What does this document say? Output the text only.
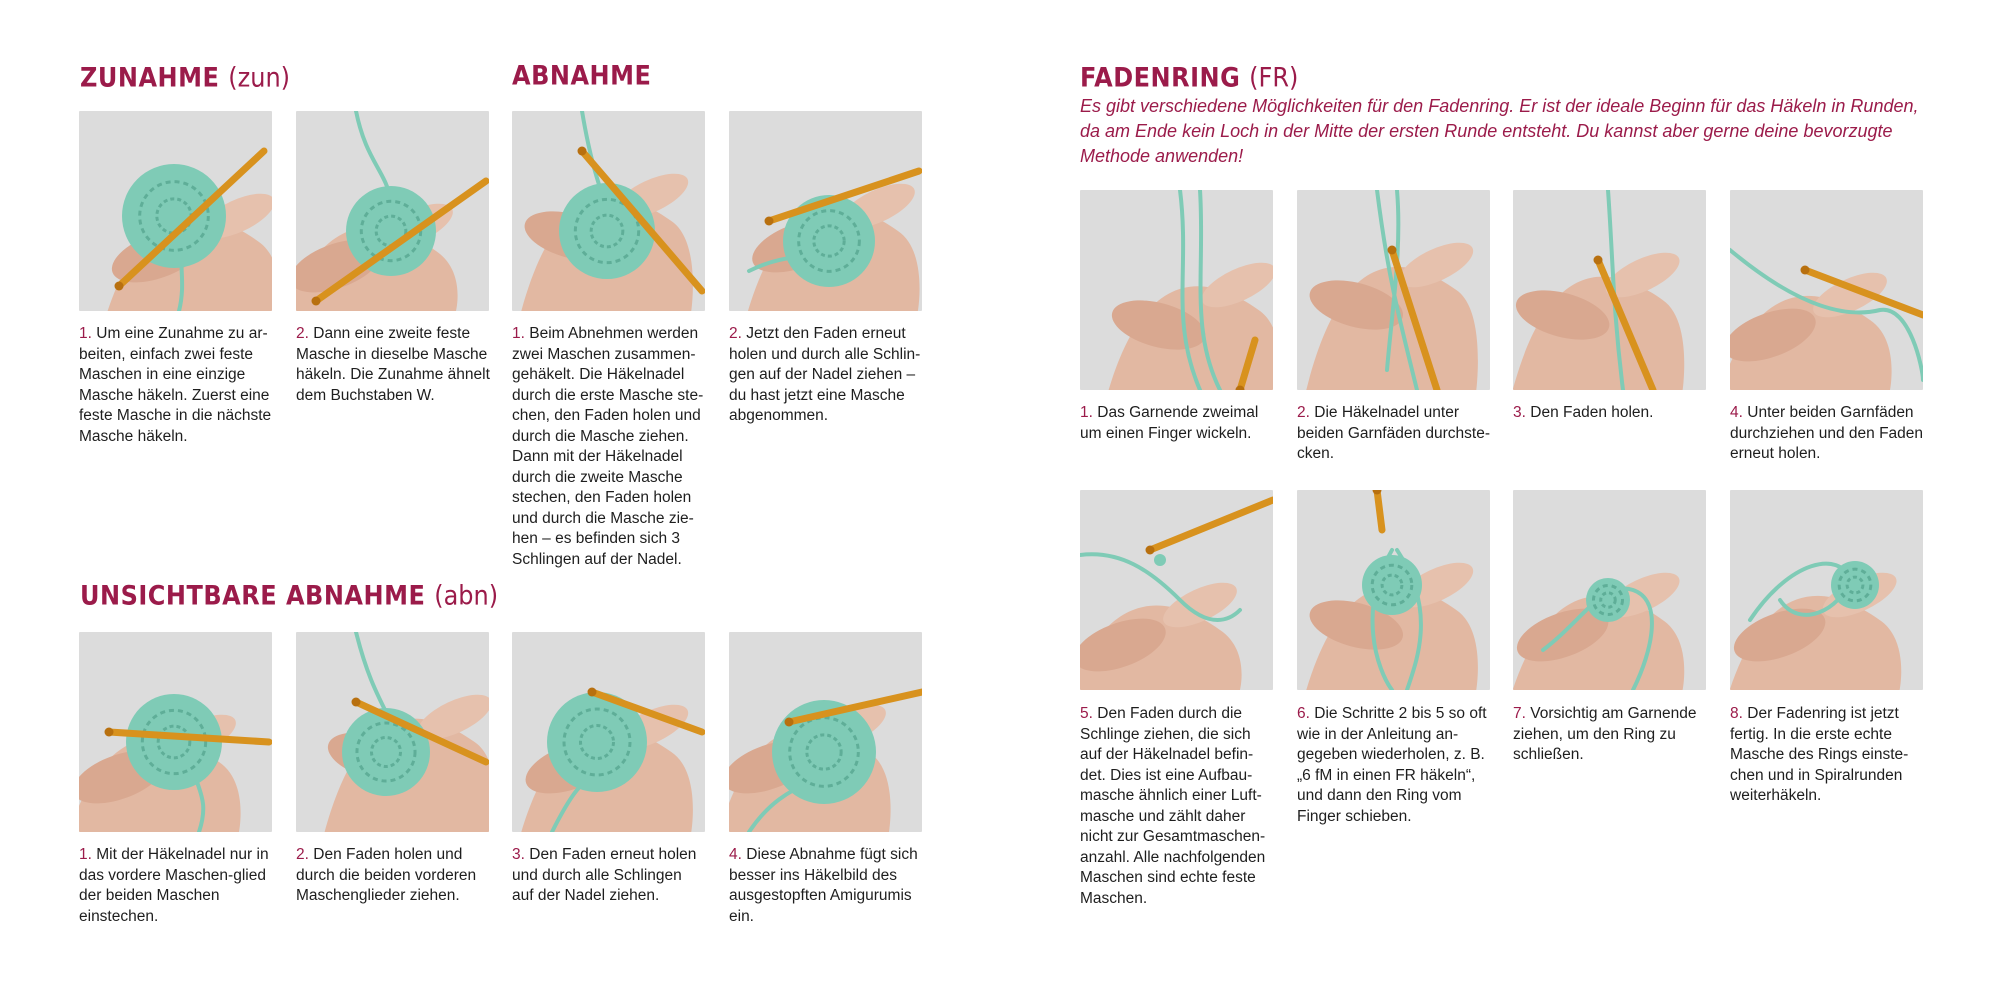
ZUNAHME (zun)	ABNAHME
UNSICHTBARE ABNAHME (abn)
FADENRING (FR)

Es gibt verschiedene Möglichkeiten für den Fadenring. Er ist der ideale Beginn für das Häkeln in Runden, da am Ende kein Loch in der Mitte der ersten Runde entsteht. Du kannst aber gerne deine bevorzugte Methode anwenden!

1. Um eine Zunahme zu ar-beiten, einfach zwei feste Maschen in eine einzige Masche häkeln. Zuerst eine feste Masche in die nächste Masche häkeln.

2. Dann eine zweite feste Masche in dieselbe Masche häkeln. Die Zunahme ähnelt dem Buchstaben W.

1. Beim Abnehmen werden zwei Maschen zusammen-gehäkelt. Die Häkelnadel durch die erste Masche ste-chen, den Faden holen und durch die Masche ziehen. Dann mit der Häkelnadel durch die zweite Masche stechen, den Faden holen und durch die Masche zie-hen – es befinden sich 3 Schlingen auf der Nadel.

2. Jetzt den Faden erneut holen und durch alle Schlin-gen auf der Nadel ziehen – du hast jetzt eine Masche abgenommen.

1. Mit der Häkelnadel nur in das vordere Maschen-glied der beiden Maschen einstechen.

2. Den Faden holen und durch die beiden vorderen Maschenglieder ziehen.

3. Den Faden erneut holen und durch alle Schlingen auf der Nadel ziehen.

4. Diese Abnahme fügt sich besser ins Häkelbild des ausgestopften Amigurumis ein.

1. Das Garnende zweimal um einen Finger wickeln.

2. Die Häkelnadel unter beiden Garnfäden durchste-cken.

3. Den Faden holen.	4. Unter beiden Garnfäden durchziehen und den Faden erneut holen.

5. Den Faden durch die Schlinge ziehen, die sich auf der Häkelnadel befin-det. Dies ist eine Aufbau-masche ähnlich einer Luft-masche und zählt daher nicht zur Gesamtmaschen-anzahl. Alle nachfolgenden Maschen sind echte feste Maschen.

6. Die Schritte 2 bis 5 so oft wie in der Anleitung an-gegeben wiederholen, z. B. „6 fM in einen FR häkeln“, und dann den Ring vom Finger schieben.

7. Vorsichtig am Garnende ziehen, um den Ring zu schließen.

8. Der Fadenring ist jetzt fertig. In die erste echte Masche des Rings einste-chen und in Spiralrunden weiterhäkeln.
